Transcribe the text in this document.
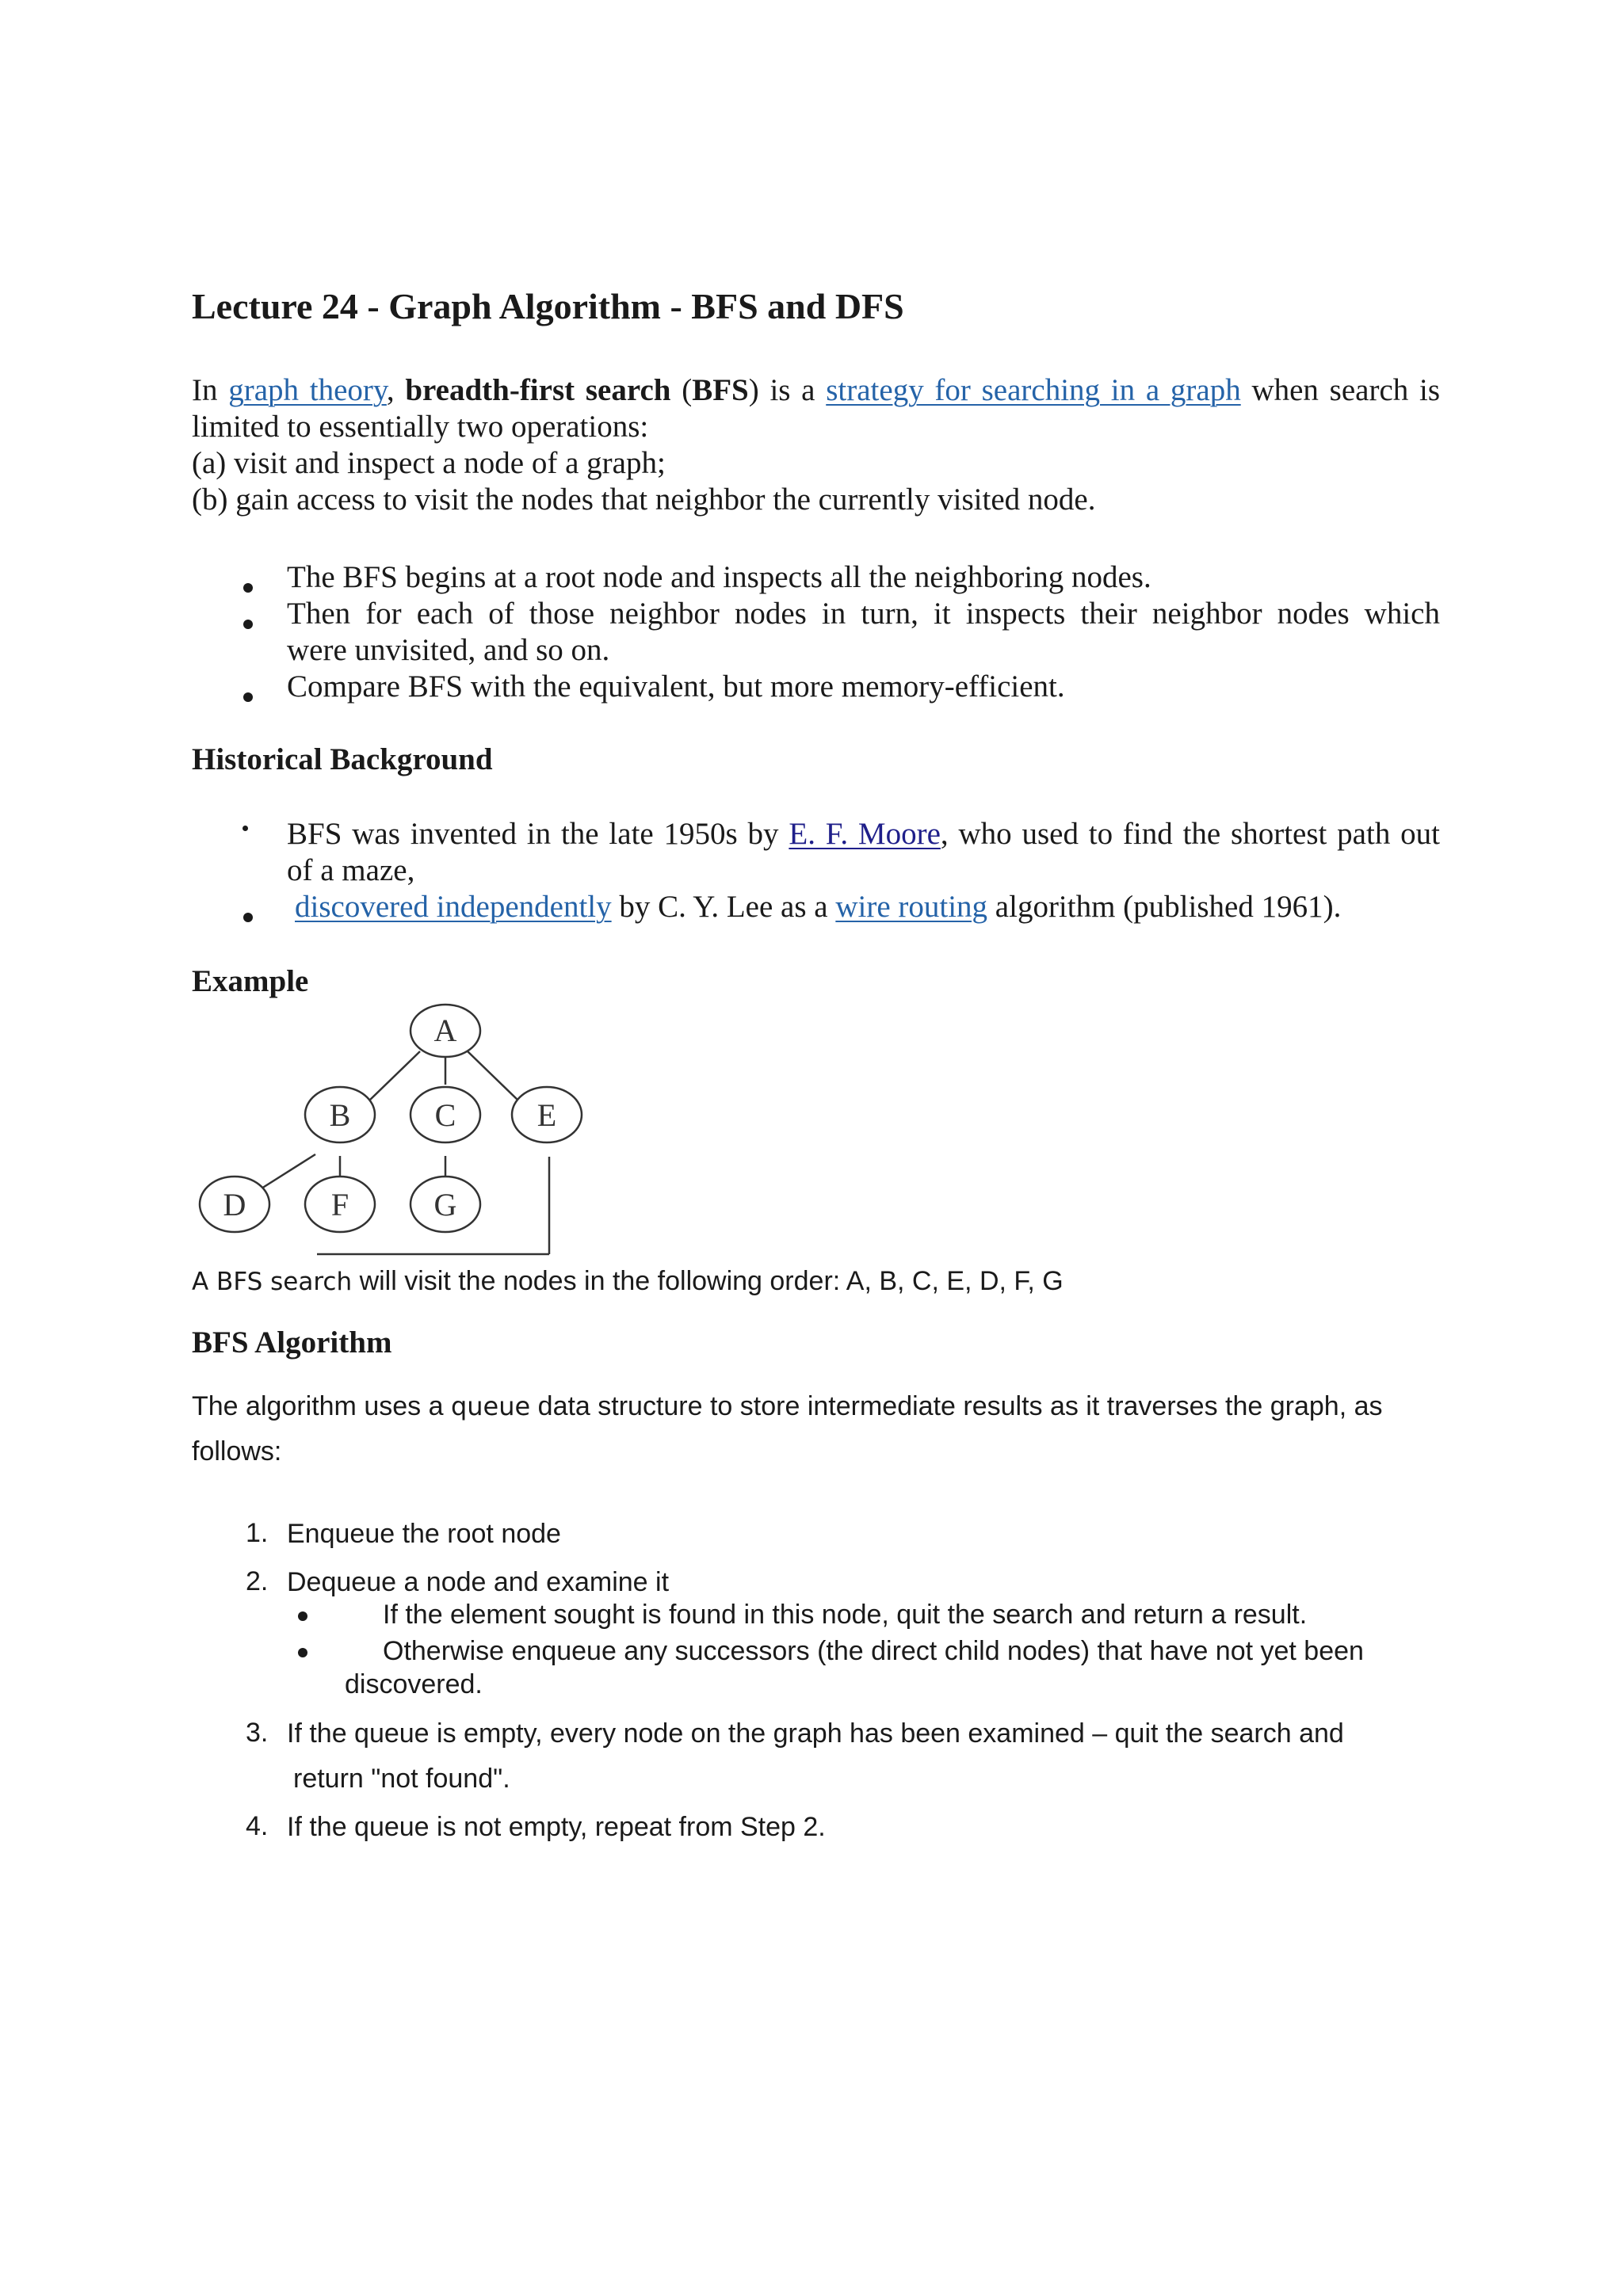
Lecture 24 - Graph Algorithm - BFS and DFS
In graph theory, breadth-first search (BFS) is a strategy for searching in a graph when search is
limited to essentially two operations:
(a) visit and inspect a node of a graph;
(b) gain access to visit the nodes that neighbor the currently visited node.
The BFS begins at a root node and inspects all the neighboring nodes.
Then for each of those neighbor nodes in turn, it inspects their neighbor nodes which
were unvisited, and so on.
Compare BFS with the equivalent, but more memory-efficient.
Historical Background
BFS was invented in the late 1950s by E. F. Moore, who used to find the shortest path out
of a maze,
discovered independently by C. Y. Lee as a wire routing algorithm (published 1961).
Example
A
B	C	E
D	F	G
A BFS search will visit the nodes in the following order: A, B, C, E, D, F, G
BFS Algorithm
The algorithm uses a queue data structure to store intermediate results as it traverses the graph, as
follows:
1. Enqueue the root node
2. Dequeue a node and examine it
If the element sought is found in this node, quit the search and return a result.
Otherwise enqueue any successors (the direct child nodes) that have not yet been
discovered.
3. If the queue is empty, every node on the graph has been examined – quit the search and
return "not found".
4. If the queue is not empty, repeat from Step 2.
